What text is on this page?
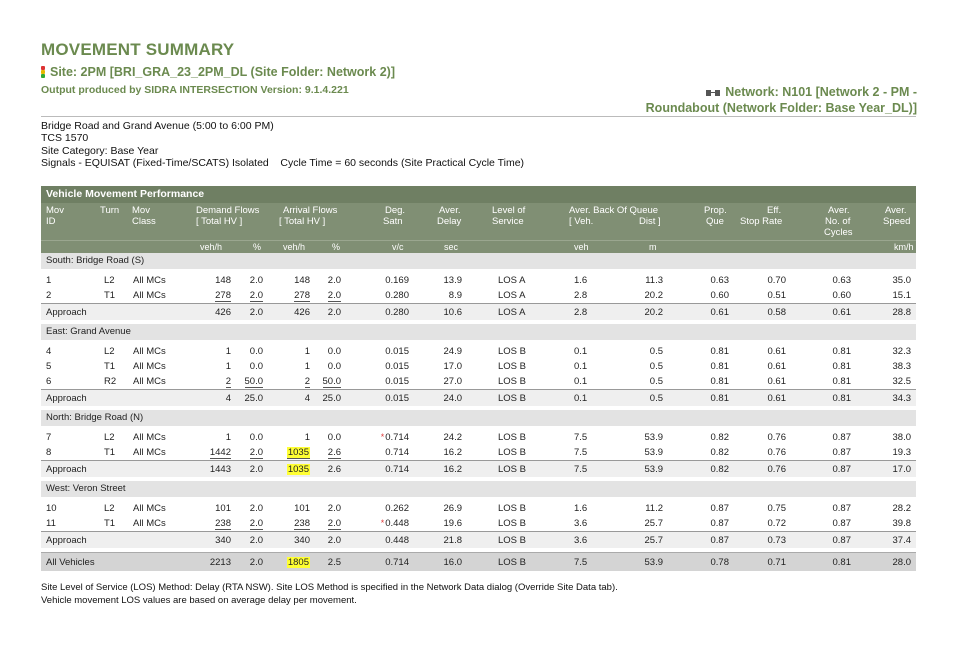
MOVEMENT SUMMARY
Site: 2PM [BRI_GRA_23_2PM_DL (Site Folder: Network 2)]
Output produced by SIDRA INTERSECTION Version: 9.1.4.221	Network: N101 [Network 2 - PM -
Roundabout (Network Folder: Base Year_DL)]
Bridge Road and Grand Avenue (5:00 to 6:00 PM)
TCS 1570
Site Category: Base Year
Signals - EQUISAT (Fixed-Time/SCATS) Isolated    Cycle Time = 60 seconds (Site Practical Cycle Time)
Vehicle Movement Performance
Mov
ID
Turn Mov
Class
Demand Flows
[ Total HV ]
Arrival Flows
[ Total HV ]
Deg.
Satn
Aver.
Delay
Level of
Service
Aver. Back Of Queue
[ Veh.	Dist ]
Prop.
Que
Eff.
Stop Rate
Aver.
No. of
Cycles
Aver.
Speed
veh/h	% veh/h	%	v/c	sec	veh	m	km/h
South: Bridge Road (S)
1	L2	All MCs	148	2.0	148	2.0	0.169	13.9	LOS A	1.6	11.3	0.63	0.70	0.63	35.0
2	T1	All MCs	278	2.0	278	2.0	0.280	8.9	LOS A	2.8	20.2	0.60	0.51	0.60	15.1
Approach	426	2.0	426	2.0	0.280	10.6	LOS A	2.8	20.2	0.61	0.58	0.61	28.8
East: Grand Avenue
4	L2	All MCs	1	0.0	1	0.0	0.015	24.9	LOS B	0.1	0.5	0.81	0.61	0.81	32.3
5	T1	All MCs	1	0.0	1	0.0	0.015	17.0	LOS B	0.1	0.5	0.81	0.61	0.81	38.3
6	R2	All MCs	2	50.0	2	50.0	0.015	27.0	LOS B	0.1	0.5	0.81	0.61	0.81	32.5
Approach	4	25.0	4	25.0	0.015	24.0	LOS B	0.1	0.5	0.81	0.61	0.81	34.3
North: Bridge Road (N)
7	L2	All MCs	1	0.0	1	0.0	*0.714	24.2	LOS B	7.5	53.9	0.82	0.76	0.87	38.0
8	T1	All MCs	1442	2.0	1035	2.6	0.714	16.2	LOS B	7.5	53.9	0.82	0.76	0.87	19.3
Approach	1443	2.0	1035	2.6	0.714	16.2	LOS B	7.5	53.9	0.82	0.76	0.87	17.0
West: Veron Street
10	L2	All MCs	101	2.0	101	2.0	0.262	26.9	LOS B	1.6	11.2	0.87	0.75	0.87	28.2
11	T1	All MCs	238	2.0	238	2.0	*0.448	19.6	LOS B	3.6	25.7	0.87	0.72	0.87	39.8
Approach	340	2.0	340	2.0	0.448	21.8	LOS B	3.6	25.7	0.87	0.73	0.87	37.4
All Vehicles	2213	2.0	1805	2.5	0.714	16.0	LOS B	7.5	53.9	0.78	0.71	0.81	28.0
Site Level of Service (LOS) Method: Delay (RTA NSW). Site LOS Method is specified in the Network Data dialog (Override Site Data tab).
Vehicle movement LOS values are based on average delay per movement.
